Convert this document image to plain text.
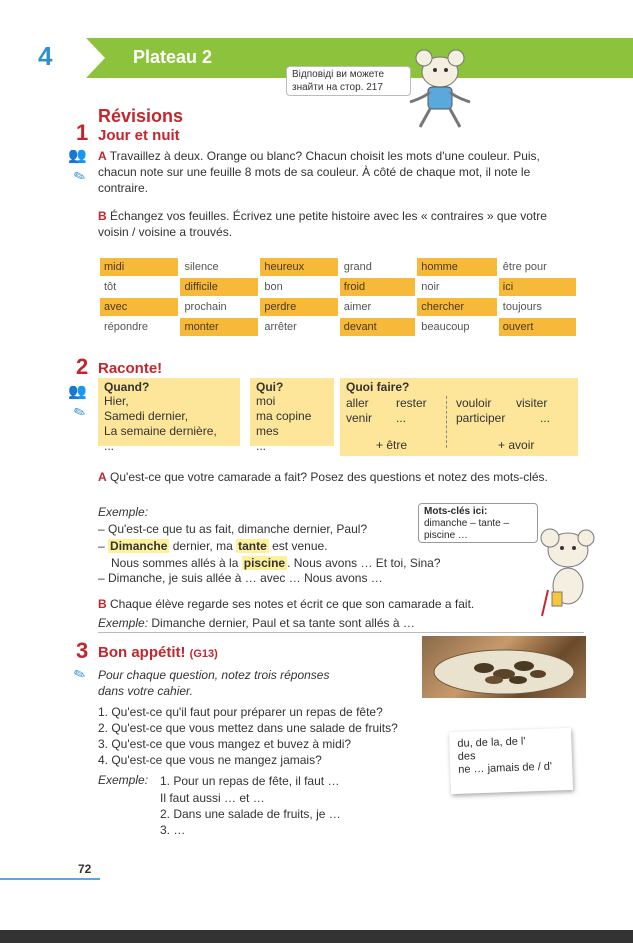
4	Plateau 2
Відповіді ви можете знайти на стор. 217
Révisions
1 Jour et nuit
👥
✎
A Travaillez à deux. Orange ou blanc? Chacun choisit les mots d'une couleur. Puis, chacun note sur une feuille 8 mots de sa couleur. À côté de chaque mot, il note le contraire.
B Échangez vos feuilles. Écrivez une petite histoire avec les « contraires » que votre voisin / voisine a trouvés.
midi	silence	heureux	grand	homme	être pour
tôt	difficile	bon	froid	noir	ici
avec	prochain	perdre	aimer	chercher	toujours
répondre	monter	arrêter	devant	beaucoup	ouvert
2 Raconte!
👥
✎
Quand?
Hier,
Samedi dernier,
La semaine dernière,
...
Qui?
moi
ma copine
mes
...
Quoi faire?
aller rester
venir ...
vouloir visiter
participer	...
+ être	+ avoir
A Qu'est-ce que votre camarade a fait? Posez des questions et notez des mots-clés.
Exemple:
– Qu'est-ce que tu as fait, dimanche dernier, Paul?
– Dimanche dernier, ma tante est venue.
Nous sommes allés à la piscine . Nous avons … Et toi, Sina?
– Dimanche, je suis allée à … avec … Nous avons …
Mots-clés ici:
dimanche – tante – piscine …
B Chaque élève regarde ses notes et écrit ce que son camarade a fait.
Exemple: Dimanche dernier, Paul et sa tante sont allés à …
3 Bon appétit! (G13)
✎ Pour chaque question, notez trois réponses
dans votre cahier.
1. Qu'est-ce qu'il faut pour préparer un repas de fête?
2. Qu'est-ce que vous mettez dans une salade de fruits?
3. Qu'est-ce que vous mangez et buvez à midi?
4. Qu'est-ce que vous ne mangez jamais?
Exemple: 1. Pour un repas de fête, il faut …
Il faut aussi … et …
2. Dans une salade de fruits, je …
3. …
du, de la, de l'
des
ne … jamais de / d'
72
